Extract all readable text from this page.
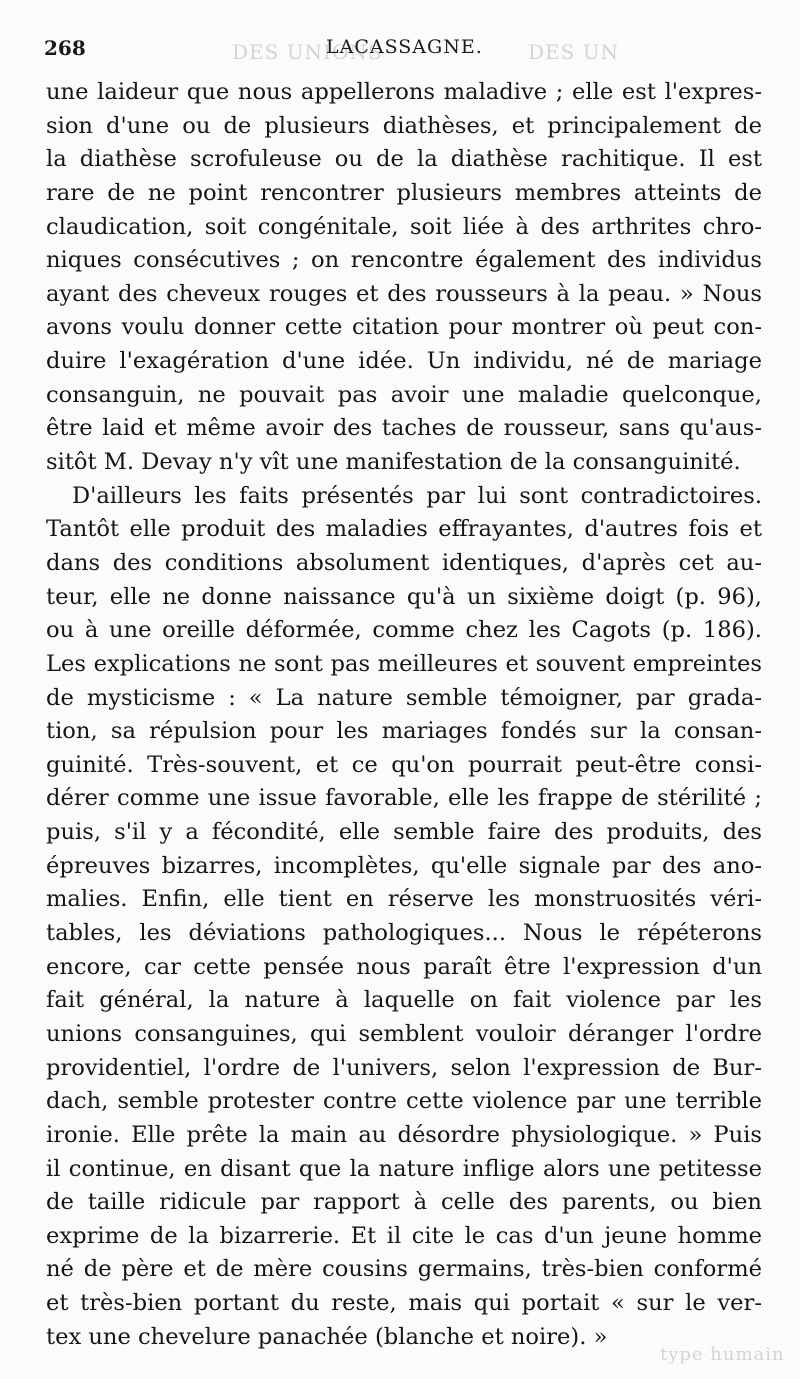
DES UNIONS	DES UN
type humain
268	LACASSAGNE.
une laideur que nous appellerons maladive ; elle est l'expres-
sion d'une ou de plusieurs diathèses, et principalement de
la diathèse scrofuleuse ou de la diathèse rachitique. Il est
rare de ne point rencontrer plusieurs membres atteints de
claudication, soit congénitale, soit liée à des arthrites chro-
niques consécutives ; on rencontre également des individus
ayant des cheveux rouges et des rousseurs à la peau. » Nous
avons voulu donner cette citation pour montrer où peut con-
duire l'exagération d'une idée. Un individu, né de mariage
consanguin, ne pouvait pas avoir une maladie quelconque,
être laid et même avoir des taches de rousseur, sans qu'aus-
sitôt M. Devay n'y vît une manifestation de la consanguinité.
D'ailleurs les faits présentés par lui sont contradictoires.
Tantôt elle produit des maladies effrayantes, d'autres fois et
dans des conditions absolument identiques, d'après cet au-
teur, elle ne donne naissance qu'à un sixième doigt (p. 96),
ou à une oreille déformée, comme chez les Cagots (p. 186).
Les explications ne sont pas meilleures et souvent empreintes
de mysticisme : « La nature semble témoigner, par grada-
tion, sa répulsion pour les mariages fondés sur la consan-
guinité. Très-souvent, et ce qu'on pourrait peut-être consi-
dérer comme une issue favorable, elle les frappe de stérilité ;
puis, s'il y a fécondité, elle semble faire des produits, des
épreuves bizarres, incomplètes, qu'elle signale par des ano-
malies. Enfin, elle tient en réserve les monstruosités véri-
tables, les déviations pathologiques... Nous le répéterons
encore, car cette pensée nous paraît être l'expression d'un
fait général, la nature à laquelle on fait violence par les
unions consanguines, qui semblent vouloir déranger l'ordre
providentiel, l'ordre de l'univers, selon l'expression de Bur-
dach, semble protester contre cette violence par une terrible
ironie. Elle prête la main au désordre physiologique. » Puis
il continue, en disant que la nature inflige alors une petitesse
de taille ridicule par rapport à celle des parents, ou bien
exprime de la bizarrerie. Et il cite le cas d'un jeune homme
né de père et de mère cousins germains, très-bien conformé
et très-bien portant du reste, mais qui portait « sur le ver-
tex une chevelure panachée (blanche et noire). »
